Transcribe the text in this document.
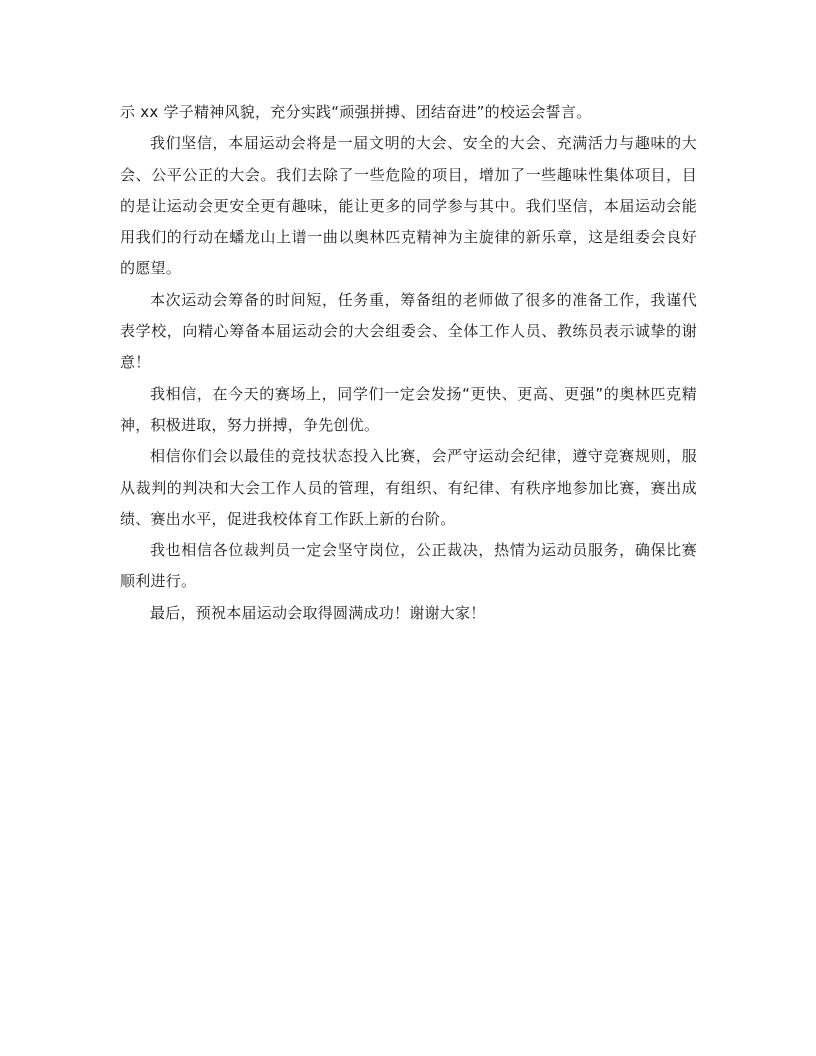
示 xx 学子精神风貌，充分实践“顽强拼搏、团结奋进”的校运会誓言。

我们坚信，本届运动会将是一届文明的大会、安全的大会、充满活力与趣味的大会、公平公正的大会。我们去除了一些危险的项目，增加了一些趣味性集体项目，目的是让运动会更安全更有趣味，能让更多的同学参与其中。我们坚信，本届运动会能用我们的行动在蟠龙山上谱一曲以奥林匹克精神为主旋律的新乐章，这是组委会良好的愿望。

本次运动会筹备的时间短，任务重，筹备组的老师做了很多的准备工作，我谨代表学校，向精心筹备本届运动会的大会组委会、全体工作人员、教练员表示诚挚的谢意！

我相信，在今天的赛场上，同学们一定会发扬“更快、更高、更强”的奥林匹克精神，积极进取，努力拼搏，争先创优。

相信你们会以最佳的竞技状态投入比赛，会严守运动会纪律，遵守竞赛规则，服从裁判的判决和大会工作人员的管理，有组织、有纪律、有秩序地参加比赛，赛出成绩、赛出水平，促进我校体育工作跃上新的台阶。

我也相信各位裁判员一定会坚守岗位，公正裁决，热情为运动员服务，确保比赛顺利进行。

最后，预祝本届运动会取得圆满成功！谢谢大家！
